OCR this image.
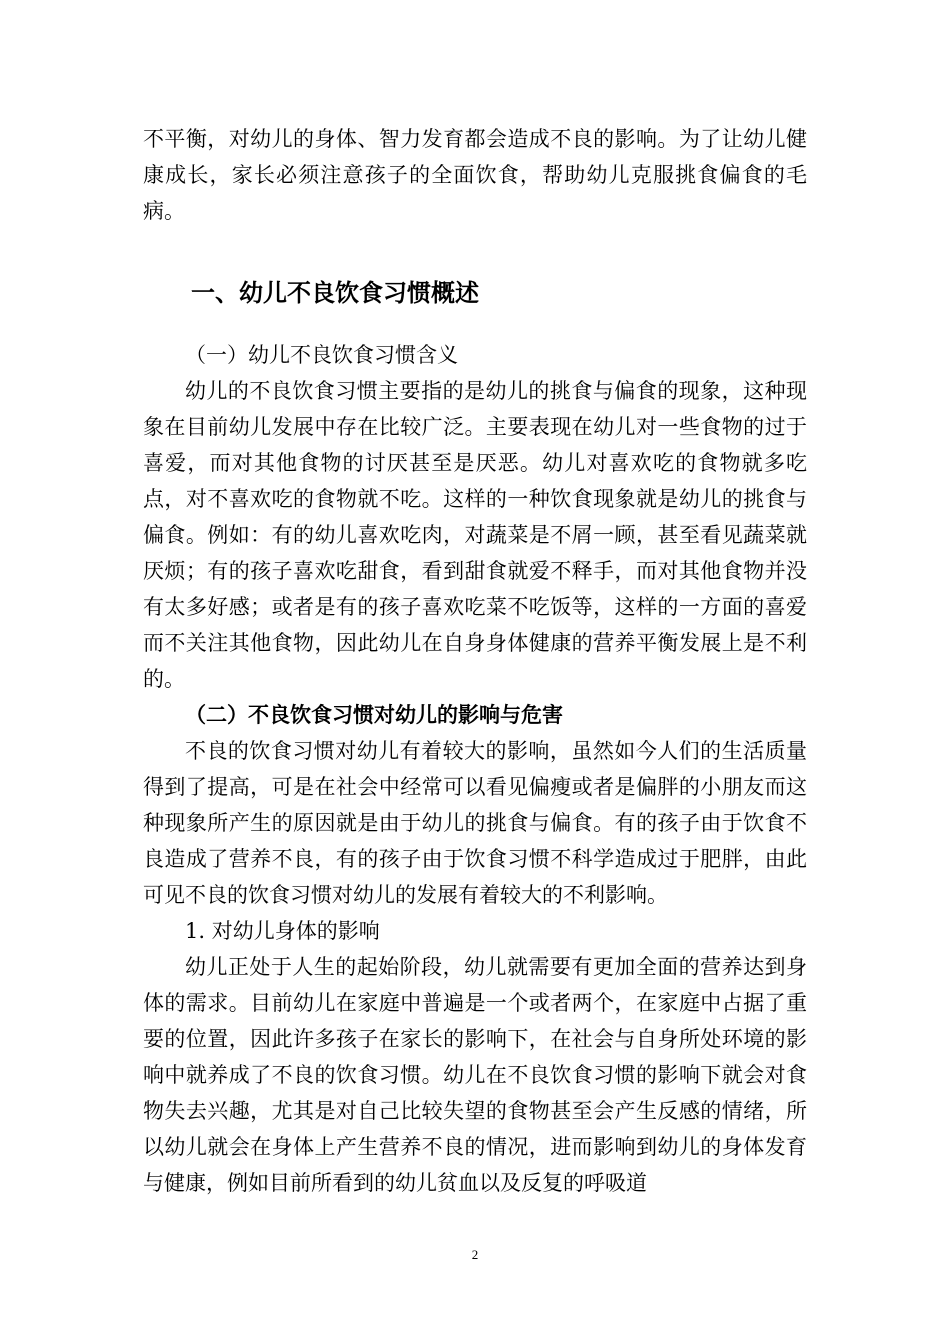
不平衡，对幼儿的身体、智力发育都会造成不良的影响。为了让幼儿健康成长，家长必须注意孩子的全面饮食，帮助幼儿克服挑食偏食的毛病。

一、幼儿不良饮食习惯概述
（一）幼儿不良饮食习惯含义

幼儿的不良饮食习惯主要指的是幼儿的挑食与偏食的现象，这种现象在目前幼儿发展中存在比较广泛。主要表现在幼儿对一些食物的过于喜爱，而对其他食物的讨厌甚至是厌恶。幼儿对喜欢吃的食物就多吃点，对不喜欢吃的食物就不吃。这样的一种饮食现象就是幼儿的挑食与偏食。例如：有的幼儿喜欢吃肉，对蔬菜是不屑一顾，甚至看见蔬菜就厌烦；有的孩子喜欢吃甜食，看到甜食就爱不释手，而对其他食物并没有太多好感；或者是有的孩子喜欢吃菜不吃饭等，这样的一方面的喜爱而不关注其他食物，因此幼儿在自身身体健康的营养平衡发展上是不利的。

（二）不良饮食习惯对幼儿的影响与危害

不良的饮食习惯对幼儿有着较大的影响，虽然如今人们的生活质量得到了提高，可是在社会中经常可以看见偏瘦或者是偏胖的小朋友而这种现象所产生的原因就是由于幼儿的挑食与偏食。有的孩子由于饮食不良造成了营养不良，有的孩子由于饮食习惯不科学造成过于肥胖，由此可见不良的饮食习惯对幼儿的发展有着较大的不利影响。

1. 对幼儿身体的影响

幼儿正处于人生的起始阶段，幼儿就需要有更加全面的营养达到身体的需求。目前幼儿在家庭中普遍是一个或者两个，在家庭中占据了重要的位置，因此许多孩子在家长的影响下，在社会与自身所处环境的影响中就养成了不良的饮食习惯。幼儿在不良饮食习惯的影响下就会对食物失去兴趣，尤其是对自己比较失望的食物甚至会产生反感的情绪，所以幼儿就会在身体上产生营养不良的情况，进而影响到幼儿的身体发育与健康，例如目前所看到的幼儿贫血以及反复的呼吸道

2
